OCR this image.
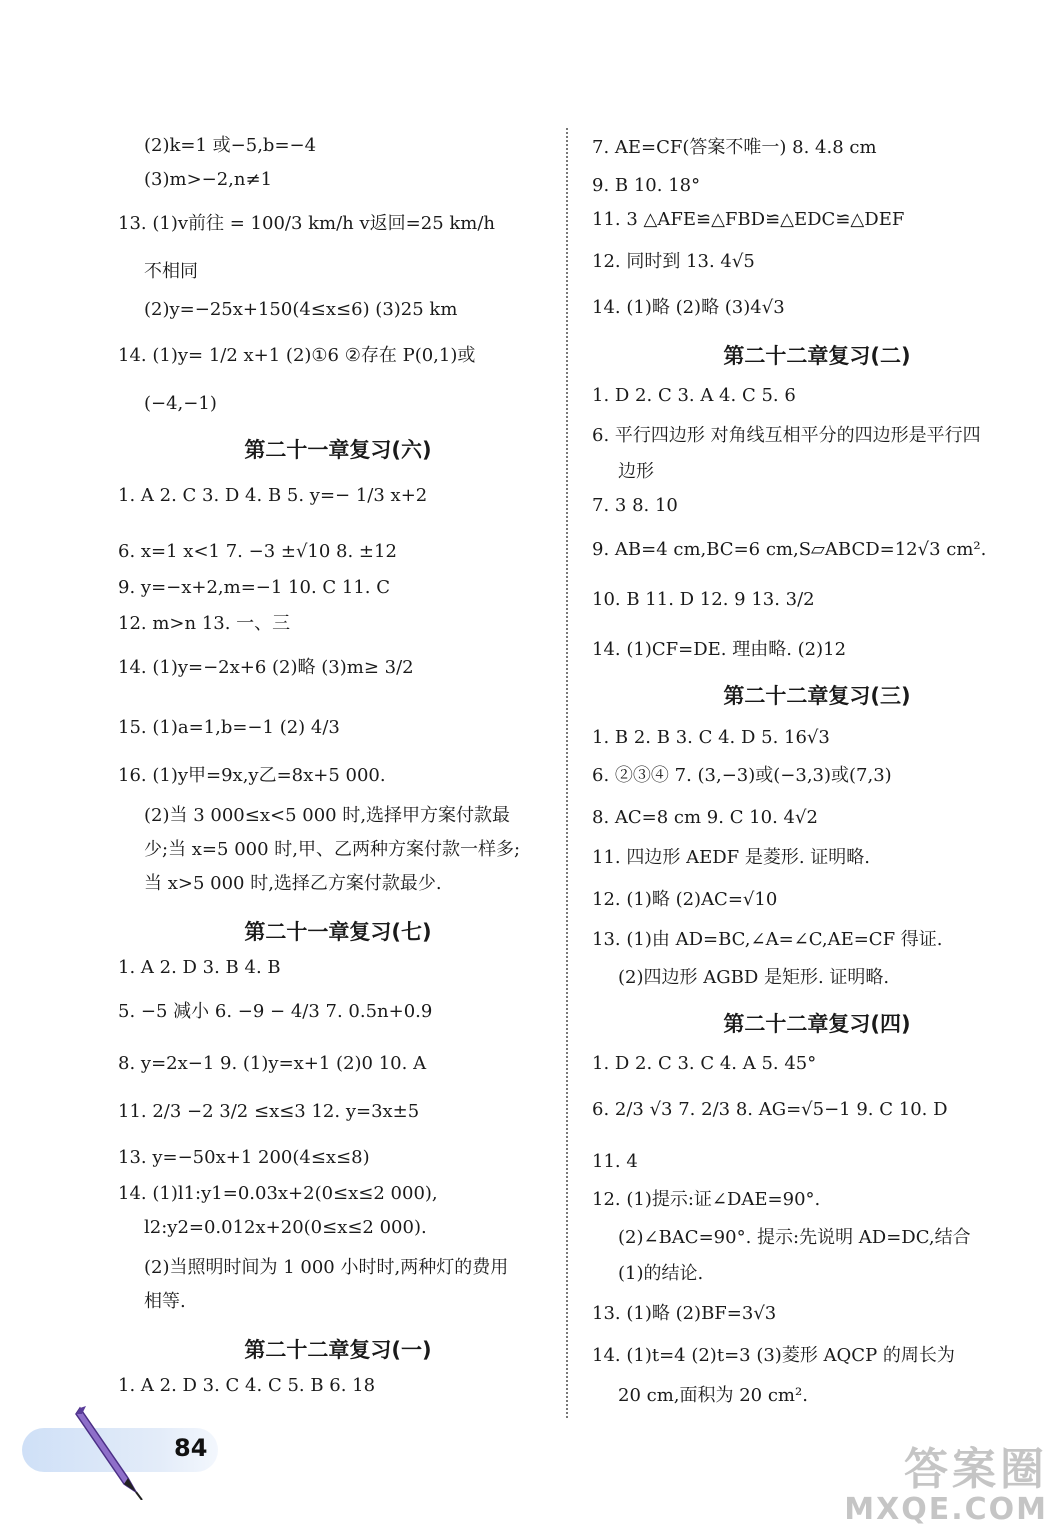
(2)k=1 或−5,b=−4
(3)m>−2,n≠1
13. (1)v前往 = 100/3 km/h v返回=25 km/h
不相同
(2)y=−25x+150(4≤x≤6) (3)25 km
14. (1)y= 1/2 x+1 (2)①6 ②存在 P(0,1)或
(−4,−1)
第二十一章复习(六)
1. A 2. C 3. D 4. B 5. y=− 1/3 x+2
6. x=1 x<1 7. −3 ±√10 8. ±12
9. y=−x+2,m=−1 10. C 11. C
12. m>n 13. 一、三
14. (1)y=−2x+6 (2)略 (3)m≥ 3/2
15. (1)a=1,b=−1 (2) 4/3
16. (1)y甲=9x,y乙=8x+5 000.
(2)当 3 000≤x<5 000 时,选择甲方案付款最
少;当 x=5 000 时,甲、乙两种方案付款一样多;
当 x>5 000 时,选择乙方案付款最少.
第二十一章复习(七)
1. A 2. D 3. B 4. B
5. −5 减小 6. −9 − 4/3 7. 0.5n+0.9
8. y=2x−1 9. (1)y=x+1 (2)0 10. A
11. 2/3 −2 3/2 ≤x≤3 12. y=3x±5
13. y=−50x+1 200(4≤x≤8)
14. (1)l1:y1=0.03x+2(0≤x≤2 000),
l2:y2=0.012x+20(0≤x≤2 000).
(2)当照明时间为 1 000 小时时,两种灯的费用
相等.
第二十二章复习(一)
1. A 2. D 3. C 4. C 5. B 6. 18
7. AE=CF(答案不唯一) 8. 4.8 cm
9. B 10. 18°
11. 3 △AFE≌△FBD≌△EDC≌△DEF
12. 同时到 13. 4√5
14. (1)略 (2)略 (3)4√3
第二十二章复习(二)
1. D 2. C 3. A 4. C 5. 6
6. 平行四边形 对角线互相平分的四边形是平行四
边形
7. 3 8. 10
9. AB=4 cm,BC=6 cm,S▱ABCD=12√3 cm².
10. B 11. D 12. 9 13. 3/2
14. (1)CF=DE. 理由略. (2)12
第二十二章复习(三)
1. B 2. B 3. C 4. D 5. 16√3
6. ②③④ 7. (3,−3)或(−3,3)或(7,3)
8. AC=8 cm 9. C 10. 4√2
11. 四边形 AEDF 是菱形. 证明略.
12. (1)略 (2)AC=√10
13. (1)由 AD=BC,∠A=∠C,AE=CF 得证.
(2)四边形 AGBD 是矩形. 证明略.
第二十二章复习(四)
1. D 2. C 3. C 4. A 5. 45°
6. 2/3 √3 7. 2/3 8. AG=√5−1 9. C 10. D
11. 4
12. (1)提示:证∠DAE=90°.
(2)∠BAC=90°. 提示:先说明 AD=DC,结合
(1)的结论.
13. (1)略 (2)BF=3√3
14. (1)t=4 (2)t=3 (3)菱形 AQCP 的周长为
20 cm,面积为 20 cm².
84	答案圈
MXQE.COM
